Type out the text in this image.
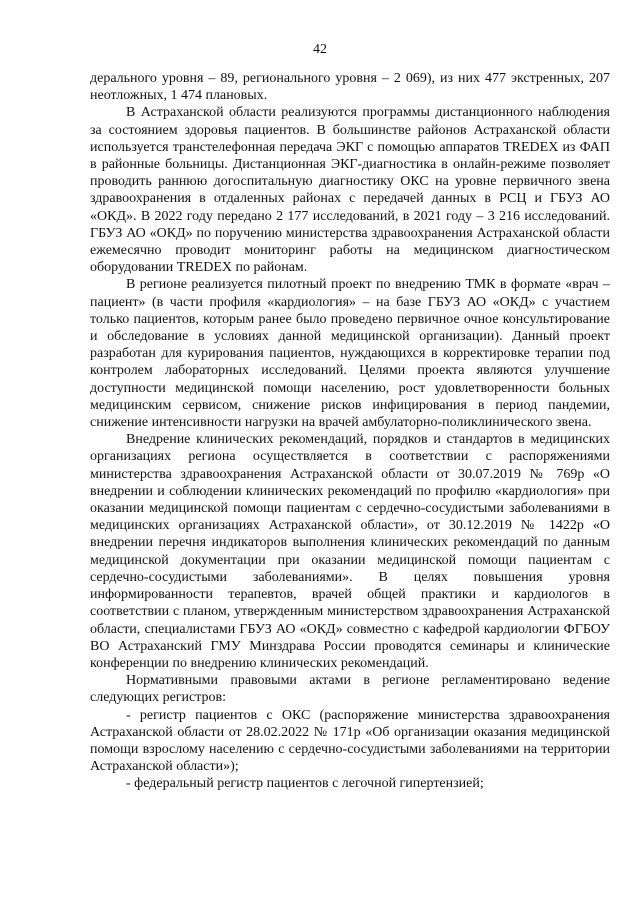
42

дерального уровня – 89, регионального уровня – 2 069), из них 477 экстренных, 207 неотложных, 1 474 плановых.

В Астраханской области реализуются программы дистанционного наблюдения за состоянием здоровья пациентов. В большинстве районов Астраханской области используется транстелефонная передача ЭКГ с помощью аппаратов TREDEX из ФАП в районные больницы. Дистанционная ЭКГ-диагностика в онлайн-режиме позволяет проводить раннюю догоспитальную диагностику ОКС на уровне первичного звена здравоохранения в отдаленных районах с передачей данных в РСЦ и ГБУЗ АО «ОКД». В 2022 году передано 2 177 исследований, в 2021 году – 3 216 исследований. ГБУЗ АО «ОКД» по поручению министерства здравоохранения Астраханской области ежемесячно проводит мониторинг работы на медицинском диагностическом оборудовании TREDEX по районам.

В регионе реализуется пилотный проект по внедрению ТМК в формате «врач – пациент» (в части профиля «кардиология» – на базе ГБУЗ АО «ОКД» с участием только пациентов, которым ранее было проведено первичное очное консультирование и обследование в условиях данной медицинской организации). Данный проект разработан для курирования пациентов, нуждающихся в корректировке терапии под контролем лабораторных исследований. Целями проекта являются улучшение доступности медицинской помощи населению, рост удовлетворенности больных медицинским сервисом, снижение рисков инфицирования в период пандемии, снижение интенсивности нагрузки на врачей амбулаторно-поликлинического звена.

Внедрение клинических рекомендаций, порядков и стандартов в медицинских организациях региона осуществляется в соответствии с распоряжениями министерства здравоохранения Астраханской области от 30.07.2019 № 769р «О внедрении и соблюдении клинических рекомендаций по профилю «кардиология» при оказании медицинской помощи пациентам с сердечно-сосудистыми заболеваниями в медицинских организациях Астраханской области», от 30.12.2019 № 1422р «О внедрении перечня индикаторов выполнения клинических рекомендаций по данным медицинской документации при оказании медицинской помощи пациентам с сердечно-сосудистыми заболеваниями». В целях повышения уровня информированности терапевтов, врачей общей практики и кардиологов в соответствии с планом, утвержденным министерством здравоохранения Астраханской области, специалистами ГБУЗ АО «ОКД» совместно с кафедрой кардиологии ФГБОУ ВО Астраханский ГМУ Минздрава России проводятся семинары и клинические конференции по внедрению клинических рекомендаций.

Нормативными правовыми актами в регионе регламентировано ведение следующих регистров:

- регистр пациентов с ОКС (распоряжение министерства здравоохранения Астраханской области от 28.02.2022 № 171р «Об организации оказания медицинской помощи взрослому населению с сердечно-сосудистыми заболеваниями на территории Астраханской области»);

- федеральный регистр пациентов с легочной гипертензией;
